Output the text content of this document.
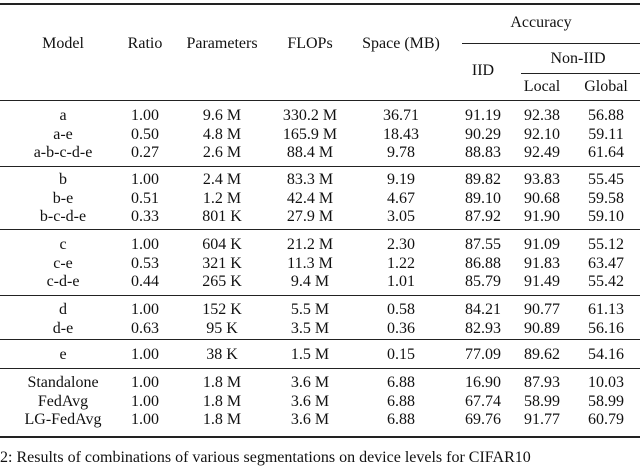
Model	Ratio Parameters FLOPs Space (MB)
Accuracy
IID
Non-IID
Local Global
a	1.00	9.6 M	330.2 M	36.71	91.19 92.38 56.88
a-e	0.50	4.8 M	165.9 M	18.43	90.29 92.10 59.11
a-b-c-d-e 0.27	2.6 M	88.4 M	9.78	88.83 92.49 61.64
b	1.00	2.4 M	83.3 M	9.19	89.82 93.83 55.45
b-e	0.51	1.2 M	42.4 M	4.67	89.10 90.68 59.58
b-c-d-e	0.33	801 K	27.9 M	3.05	87.92 91.90 59.10
c	1.00	604 K	21.2 M	2.30	87.55 91.09 55.12
c-e	0.53	321 K	11.3 M	1.22	86.88 91.83 63.47
c-d-e	0.44	265 K	9.4 M	1.01	85.79 91.49 55.42
d	1.00	152 K	5.5 M	0.58	84.21 90.77 61.13
d-e	0.63	95 K	3.5 M	0.36	82.93 90.89 56.16
e	1.00	38 K	1.5 M	0.15	77.09 89.62 54.16
Standalone 1.00	1.8 M	3.6 M	6.88	16.90 87.93 10.03
FedAvg	1.00	1.8 M	3.6 M	6.88	67.74 58.99 58.99
LG-FedAvg 1.00	1.8 M	3.6 M	6.88	69.76 91.77 60.79
2: Results of combinations of various segmentations on device levels for CIFAR10
